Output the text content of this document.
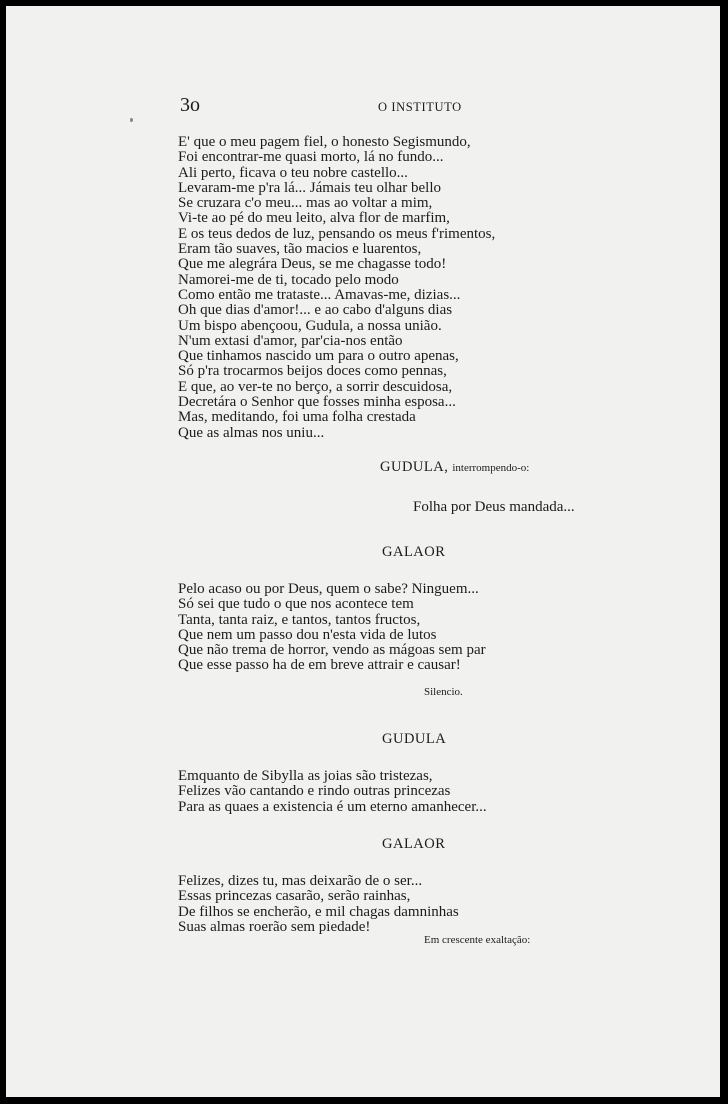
3o	O INSTITUTO
E' que o meu pagem fiel, o honesto Segismundo,
Foi encontrar-me quasi morto, lá no fundo...
Ali perto, ficava o teu nobre castello...
Levaram-me p'ra lá... Jámais teu olhar bello
Se cruzara c'o meu... mas ao voltar a mim,
Vi-te ao pé do meu leito, alva flor de marfim,
E os teus dedos de luz, pensando os meus f'rimentos,
Eram tão suaves, tão macios e luarentos,
Que me alegrára Deus, se me chagasse todo!
Namorei-me de ti, tocado pelo modo
Como então me trataste... Amavas-me, dizias...
Oh que dias d'amor!... e ao cabo d'alguns dias
Um bispo abençoou, Gudula, a nossa união.
N'um extasi d'amor, par'cia-nos então
Que tinhamos nascido um para o outro apenas,
Só p'ra trocarmos beijos doces como pennas,
E que, ao ver-te no berço, a sorrir descuidosa,
Decretára o Senhor que fosses minha esposa...
Mas, meditando, foi uma folha crestada
Que as almas nos uniu...
GUDULA, interrompendo-o:
Folha por Deus mandada...
GALAOR
Pelo acaso ou por Deus, quem o sabe? Ninguem...
Só sei que tudo o que nos acontece tem
Tanta, tanta raiz, e tantos, tantos fructos,
Que nem um passo dou n'esta vida de lutos
Que não trema de horror, vendo as mágoas sem par
Que esse passo ha de em breve attrair e causar!
Silencio.
GUDULA
Emquanto de Sibylla as joias são tristezas,
Felizes vão cantando e rindo outras princezas
Para as quaes a existencia é um eterno amanhecer...
GALAOR
Felizes, dizes tu, mas deixarão de o ser...
Essas princezas casarão, serão rainhas,
De filhos se encherão, e mil chagas damninhas
Suas almas roerão sem piedade!
Em crescente exaltação:
